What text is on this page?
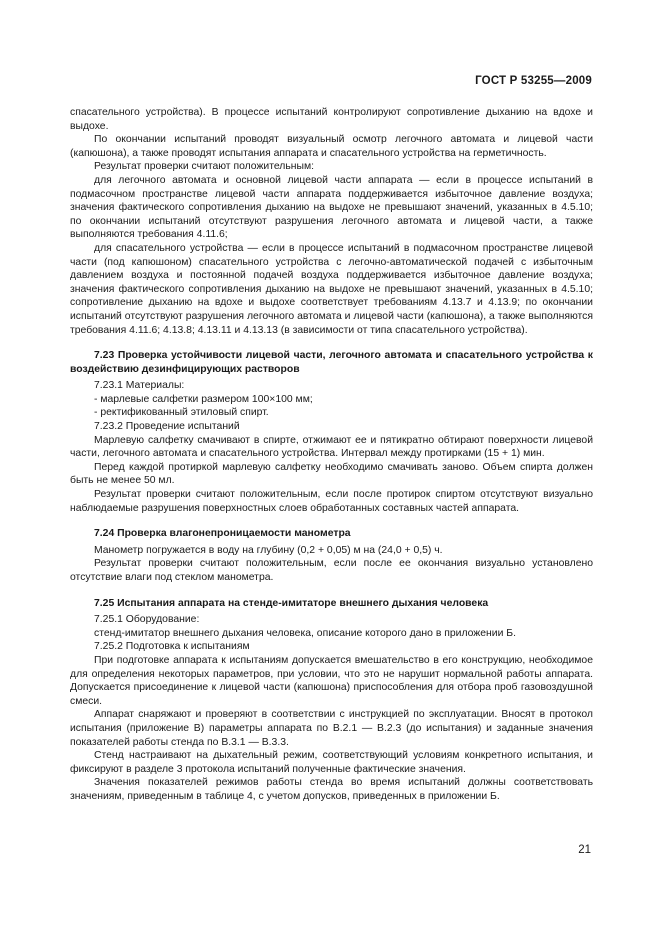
ГОСТ Р 53255—2009

спасательного устройства). В процессе испытаний контролируют сопротивление дыханию на вдохе и выдохе.

По окончании испытаний проводят визуальный осмотр легочного автомата и лицевой части (капюшона), а также проводят испытания аппарата и спасательного устройства на герметичность.

Результат проверки считают положительным:

для легочного автомата и основной лицевой части аппарата — если в процессе испытаний в подмасочном пространстве лицевой части аппарата поддерживается избыточное давление воздуха; значения фактического сопротивления дыханию на выдохе не превышают значений, указанных в 4.5.10; по окончании испытаний отсутствуют разрушения легочного автомата и лицевой части, а также выполняются требования 4.11.6;

для спасательного устройства — если в процессе испытаний в подмасочном пространстве лицевой части (под капюшоном) спасательного устройства с легочно-автоматической подачей с избыточным давлением воздуха и постоянной подачей воздуха поддерживается избыточное давление воздуха; значения фактического сопротивления дыханию на выдохе не превышают значений, указанных в 4.5.10; сопротивление дыханию на вдохе и выдохе соответствует требованиям 4.13.7 и 4.13.9; по окончании испытаний отсутствуют разрушения легочного автомата и лицевой части (капюшона), а также выполняются требования 4.11.6; 4.13.8; 4.13.11 и 4.13.13 (в зависимости от типа спасательного устройства).

7.23 Проверка устойчивости лицевой части, легочного автомата и спасательного устройства к воздействию дезинфицирующих растворов

7.23.1 Материалы:

- марлевые салфетки размером 100×100 мм;

- ректификованный этиловый спирт.

7.23.2 Проведение испытаний

Марлевую салфетку смачивают в спирте, отжимают ее и пятикратно обтирают поверхности лицевой части, легочного автомата и спасательного устройства. Интервал между протирками (15 + 1) мин.

Перед каждой протиркой марлевую салфетку необходимо смачивать заново. Объем спирта должен быть не менее 50 мл.

Результат проверки считают положительным, если после протирок спиртом отсутствуют визуально наблюдаемые разрушения поверхностных слоев обработанных составных частей аппарата.

7.24 Проверка влагонепроницаемости манометра

Манометр погружается в воду на глубину (0,2 + 0,05) м на (24,0 + 0,5) ч.

Результат проверки считают положительным, если после ее окончания визуально установлено отсутствие влаги под стеклом манометра.

7.25 Испытания аппарата на стенде-имитаторе внешнего дыхания человека

7.25.1 Оборудование:

стенд-имитатор внешнего дыхания человека, описание которого дано в приложении Б.

7.25.2 Подготовка к испытаниям

При подготовке аппарата к испытаниям допускается вмешательство в его конструкцию, необходимое для определения некоторых параметров, при условии, что это не нарушит нормальной работы аппарата. Допускается присоединение к лицевой части (капюшона) приспособления для отбора проб газовоздушной смеси.

Аппарат снаряжают и проверяют в соответствии с инструкцией по эксплуатации. Вносят в протокол испытания (приложение В) параметры аппарата по В.2.1 — В.2.3 (до испытания) и заданные значения показателей работы стенда по В.3.1 — В.3.3.

Стенд настраивают на дыхательный режим, соответствующий условиям конкретного испытания, и фиксируют в разделе 3 протокола испытаний полученные фактические значения.

Значения показателей режимов работы стенда во время испытаний должны соответствовать значениям, приведенным в таблице 4, с учетом допусков, приведенных в приложении Б.

21
